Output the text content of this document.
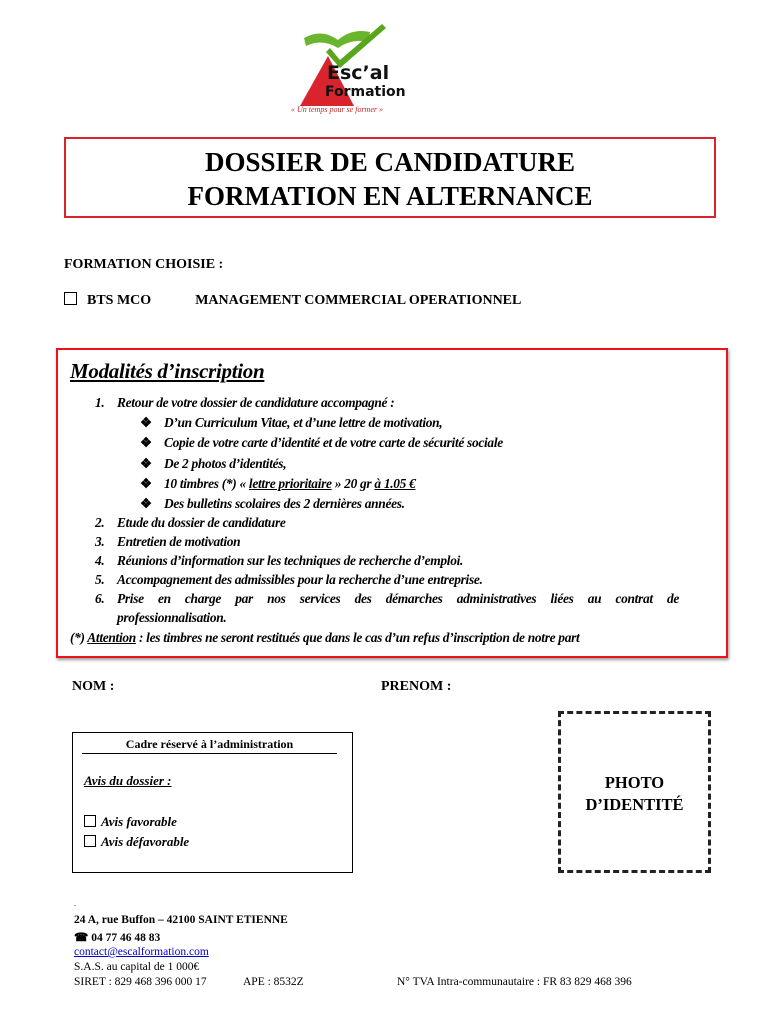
Esc’al
Formation
« Un temps pour se former »
DOSSIER DE CANDIDATURE
FORMATION EN ALTERNANCE
FORMATION CHOISIE :
BTS MCO	MANAGEMENT COMMERCIAL OPERATIONNEL
Modalités d’inscription
1. Retour de votre dossier de candidature accompagné :
❖ D’un Curriculum Vitae, et d’une lettre de motivation,
❖ Copie de votre carte d’identité et de votre carte de sécurité sociale
❖ De 2 photos d’identités,
❖ 10 timbres (*) « lettre prioritaire » 20 gr à 1.05 €
❖ Des bulletins scolaires des 2 dernières années.
2. Etude du dossier de candidature
3. Entretien de motivation
4. Réunions d’information sur les techniques de recherche d’emploi.
5. Accompagnement des admissibles pour la recherche d’une entreprise.
6. Prise en charge par nos services des démarches administratives liées au contrat de
professionnalisation.
(*) Attention : les timbres ne seront restitués que dans le cas d’un refus d’inscription de notre part
NOM :	PRENOM :
Cadre réservé à l’administration
Avis du dossier :
Avis favorable
Avis défavorable
PHOTO
D’IDENTITÉ
.
24 A, rue Buffon – 42100 SAINT ETIENNE
☎ 04 77 46 48 83
contact@escalformation.com
S.A.S. au capital de 1 000€
SIRET : 829 468 396 000 17	APE : 8532Z	N° TVA Intra-communautaire : FR 83 829 468 396
